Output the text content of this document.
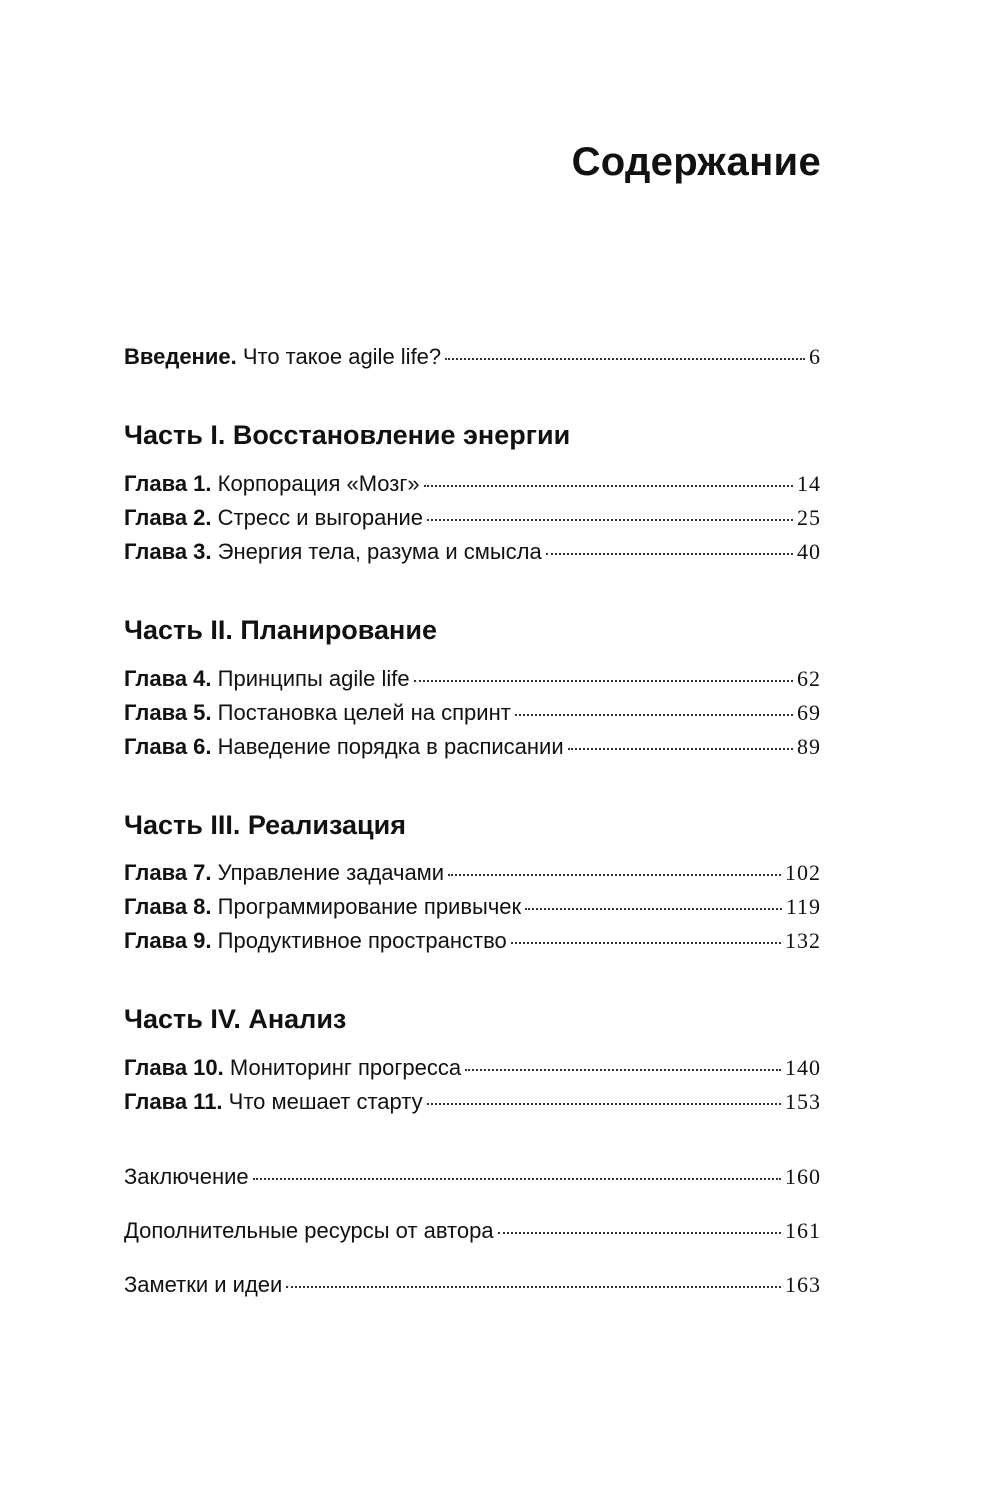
Содержание
Введение. Что такое agile life?	6
Часть I. Восстановление энергии
Глава 1. Корпорация «Мозг»	14
Глава 2. Стресс и выгорание	25
Глава 3. Энергия тела, разума и смысла	40
Часть II. Планирование
Глава 4. Принципы agile life	62
Глава 5. Постановка целей на спринт	69
Глава 6. Наведение порядка в расписании	89
Часть III. Реализация
Глава 7. Управление задачами	102
Глава 8. Программирование привычек	119
Глава 9. Продуктивное пространство	132
Часть IV. Анализ
Глава 10. Мониторинг прогресса	140
Глава 11. Что мешает старту	153
Заключение	160
Дополнительные ресурсы от автора	161
Заметки и идеи	163
